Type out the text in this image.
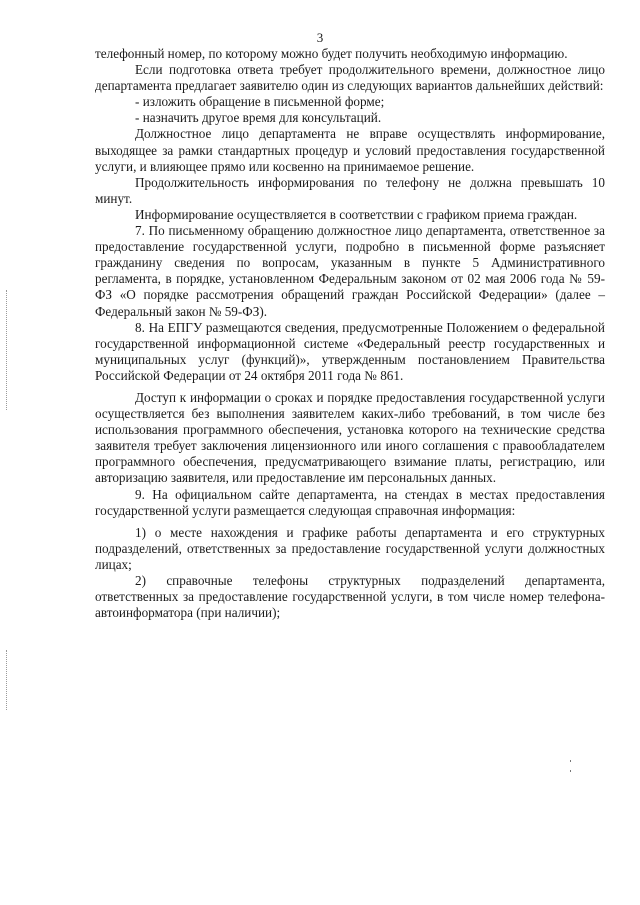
3

телефонный номер, по которому можно будет получить необходимую информацию.

Если подготовка ответа требует продолжительного времени, должностное лицо департамента предлагает заявителю один из следующих вариантов дальнейших действий:

- изложить обращение в письменной форме;

- назначить другое время для консультаций.

Должностное лицо департамента не вправе осуществлять информирование, выходящее за рамки стандартных процедур и условий предоставления государственной услуги, и влияющее прямо или косвенно на принимаемое решение.

Продолжительность информирования по телефону не должна превышать 10 минут.

Информирование осуществляется в соответствии с графиком приема граждан.

7. По письменному обращению должностное лицо департамента, ответственное за предоставление государственной услуги, подробно в письменной форме разъясняет гражданину сведения по вопросам, указанным в пункте 5 Административного регламента, в порядке, установленном Федеральным законом от 02 мая 2006 года № 59-ФЗ «О порядке рассмотрения обращений граждан Российской Федерации» (далее – Федеральный закон № 59-ФЗ).

8. На ЕПГУ размещаются сведения, предусмотренные Положением о федеральной государственной информационной системе «Федеральный реестр государственных и муниципальных услуг (функций)», утвержденным постановлением Правительства Российской Федерации от 24 октября 2011 года № 861.

Доступ к информации о сроках и порядке предоставления государственной услуги осуществляется без выполнения заявителем каких-либо требований, в том числе без использования программного обеспечения, установка которого на технические средства заявителя требует заключения лицензионного или иного соглашения с правообладателем программного обеспечения, предусматривающего взимание платы, регистрацию, или авторизацию заявителя, или предоставление им персональных данных.

9. На официальном сайте департамента, на стендах в местах предоставления государственной услуги размещается следующая справочная информация:

1) о месте нахождения и графике работы департамента и его структурных подразделений, ответственных за предоставление государственной услуги должностных лицах;

2) справочные телефоны структурных подразделений департамента, ответственных за предоставление государственной услуги, в том числе номер телефона-автоинформатора (при наличии);
